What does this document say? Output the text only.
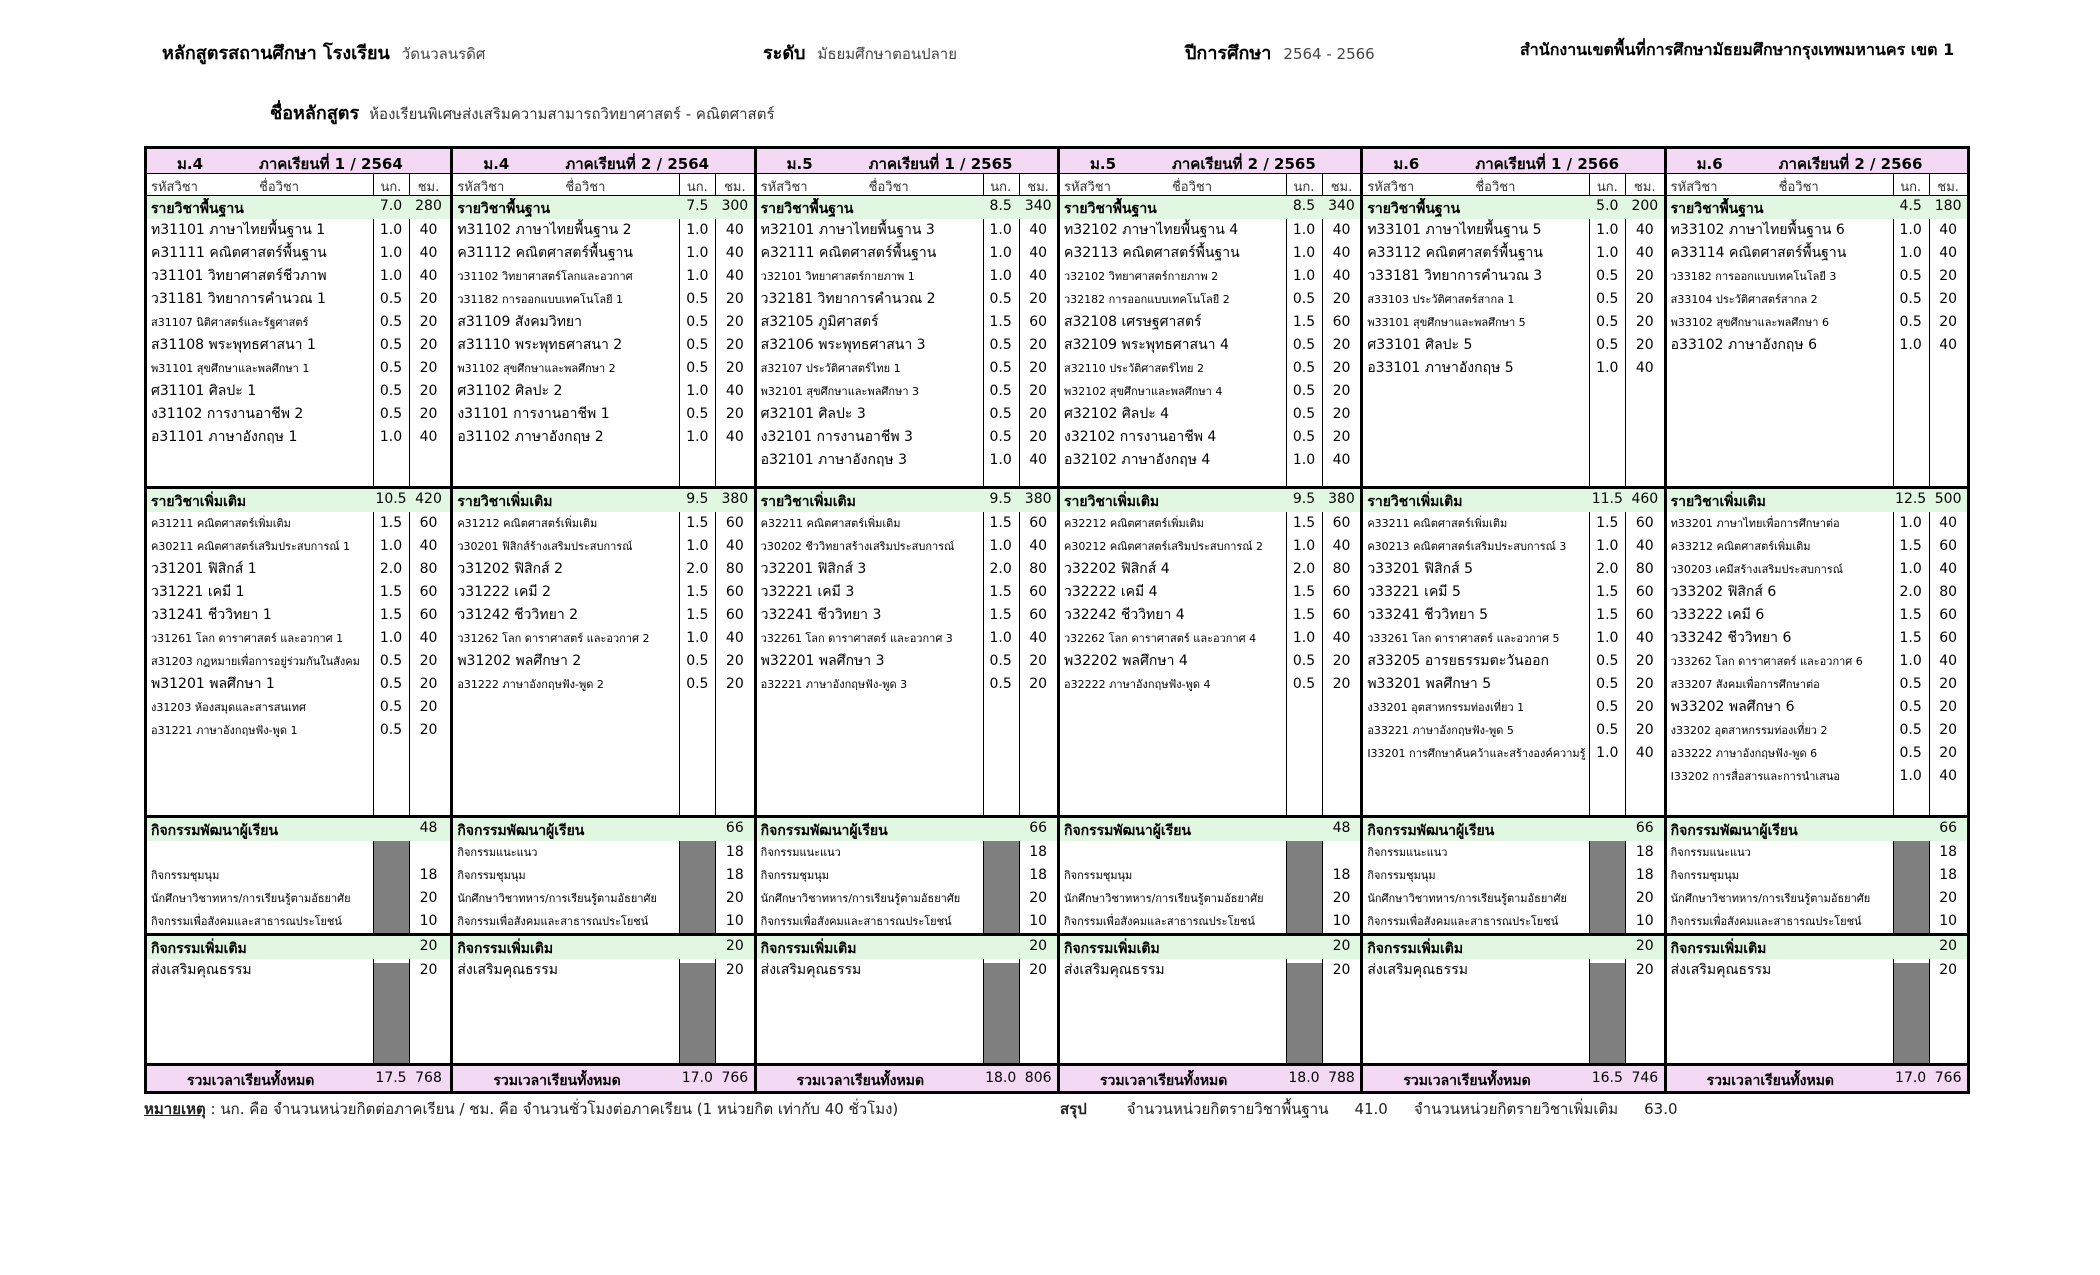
หลักสูตรสถานศึกษา โรงเรียน วัดนวลนรดิศ	ระดับ มัธยมศึกษาตอนปลาย	ปีการศึกษา 2564 - 2566	สำนักงานเขตพื้นที่การศึกษามัธยมศึกษากรุงเทพมหานคร เขต 1
ชื่อหลักสูตร ห้องเรียนพิเศษส่งเสริมความสามารถวิทยาศาสตร์ - คณิตศาสตร์
ม.4	ภาคเรียนที่ 1 / 2564
รหัสวิชา	ชื่อวิชา	นก.	ชม.
รายวิชาพื้นฐาน	7.0 280
ท31101 ภาษาไทยพื้นฐาน 1	1.0	40
ค31111 คณิตศาสตร์พื้นฐาน	1.0	40
ว31101 วิทยาศาสตร์ชีวภาพ	1.0	40
ว31181 วิทยาการคำนวณ 1	0.5	20
ส31107 นิติศาสตร์และรัฐศาสตร์	0.5	20
ส31108 พระพุทธศาสนา 1	0.5	20
พ31101 สุขศึกษาและพลศึกษา 1	0.5	20
ศ31101 ศิลปะ 1	0.5	20
ง31102 การงานอาชีพ 2	0.5	20
อ31101 ภาษาอังกฤษ 1	1.0	40
รายวิชาเพิ่มเติม	10.5 420
ค31211 คณิตศาสตร์เพิ่มเติม	1.5	60
ค30211 คณิตศาสตร์เสริมประสบการณ์ 1	1.0	40
ว31201 ฟิสิกส์ 1	2.0	80
ว31221 เคมี 1	1.5	60
ว31241 ชีววิทยา 1	1.5	60
ว31261 โลก ดาราศาสตร์ และอวกาศ 1	1.0	40
ส31203 กฎหมายเพื่อการอยู่ร่วมกันในสังคม	0.5	20
พ31201 พลศึกษา 1	0.5	20
ง31203 ห้องสมุดและสารสนเทศ	0.5	20
อ31221 ภาษาอังกฤษฟัง-พูด 1	0.5	20
กิจกรรมพัฒนาผู้เรียน	48
กิจกรรมชุมนุม	18
นักศึกษาวิชาทหาร/การเรียนรู้ตามอัธยาศัย	20
กิจกรรมเพื่อสังคมและสาธารณประโยชน์	10
กิจกรรมเพิ่มเติม	20
ส่งเสริมคุณธรรม	20
รวมเวลาเรียนทั้งหมด	17.5 768
ม.4	ภาคเรียนที่ 2 / 2564
รหัสวิชา	ชื่อวิชา	นก.	ชม.
รายวิชาพื้นฐาน	7.5 300
ท31102 ภาษาไทยพื้นฐาน 2	1.0	40
ค31112 คณิตศาสตร์พื้นฐาน	1.0	40
ว31102 วิทยาศาสตร์โลกและอวกาศ	1.0	40
ว31182 การออกแบบเทคโนโลยี 1	0.5	20
ส31109 สังคมวิทยา	0.5	20
ส31110 พระพุทธศาสนา 2	0.5	20
พ31102 สุขศึกษาและพลศึกษา 2	0.5	20
ศ31102 ศิลปะ 2	1.0	40
ง31101 การงานอาชีพ 1	0.5	20
อ31102 ภาษาอังกฤษ 2	1.0	40
รายวิชาเพิ่มเติม	9.5 380
ค31212 คณิตศาสตร์เพิ่มเติม	1.5	60
ว30201 ฟิสิกส์ร้างเสริมประสบการณ์	1.0	40
ว31202 ฟิสิกส์ 2	2.0	80
ว31222 เคมี 2	1.5	60
ว31242 ชีววิทยา 2	1.5	60
ว31262 โลก ดาราศาสตร์ และอวกาศ 2	1.0	40
พ31202 พลศึกษา 2	0.5	20
อ31222 ภาษาอังกฤษฟัง-พูด 2	0.5	20
กิจกรรมพัฒนาผู้เรียน	66
กิจกรรมแนะแนว	18
กิจกรรมชุมนุม	18
นักศึกษาวิชาทหาร/การเรียนรู้ตามอัธยาศัย	20
กิจกรรมเพื่อสังคมและสาธารณประโยชน์	10
กิจกรรมเพิ่มเติม	20
ส่งเสริมคุณธรรม	20
รวมเวลาเรียนทั้งหมด	17.0 766
ม.5	ภาคเรียนที่ 1 / 2565
รหัสวิชา	ชื่อวิชา	นก.	ชม.
รายวิชาพื้นฐาน	8.5 340
ท32101 ภาษาไทยพื้นฐาน 3	1.0	40
ค32111 คณิตศาสตร์พื้นฐาน	1.0	40
ว32101 วิทยาศาสตร์กายภาพ 1	1.0	40
ว32181 วิทยาการคำนวณ 2	0.5	20
ส32105 ภูมิศาสตร์	1.5	60
ส32106 พระพุทธศาสนา 3	0.5	20
ส32107 ประวัติศาสตร์ไทย 1	0.5	20
พ32101 สุขศึกษาและพลศึกษา 3	0.5	20
ศ32101 ศิลปะ 3	0.5	20
ง32101 การงานอาชีพ 3	0.5	20
อ32101 ภาษาอังกฤษ 3	1.0	40
รายวิชาเพิ่มเติม	9.5 380
ค32211 คณิตศาสตร์เพิ่มเติม	1.5	60
ว30202 ชีววิทยาสร้างเสริมประสบการณ์	1.0	40
ว32201 ฟิสิกส์ 3	2.0	80
ว32221 เคมี 3	1.5	60
ว32241 ชีววิทยา 3	1.5	60
ว32261 โลก ดาราศาสตร์ และอวกาศ 3	1.0	40
พ32201 พลศึกษา 3	0.5	20
อ32221 ภาษาอังกฤษฟัง-พูด 3	0.5	20
กิจกรรมพัฒนาผู้เรียน	66
กิจกรรมแนะแนว	18
กิจกรรมชุมนุม	18
นักศึกษาวิชาทหาร/การเรียนรู้ตามอัธยาศัย	20
กิจกรรมเพื่อสังคมและสาธารณประโยชน์	10
กิจกรรมเพิ่มเติม	20
ส่งเสริมคุณธรรม	20
รวมเวลาเรียนทั้งหมด	18.0 806
ม.5	ภาคเรียนที่ 2 / 2565
รหัสวิชา	ชื่อวิชา	นก.	ชม.
รายวิชาพื้นฐาน	8.5 340
ท32102 ภาษาไทยพื้นฐาน 4	1.0	40
ค32113 คณิตศาสตร์พื้นฐาน	1.0	40
ว32102 วิทยาศาสตร์กายภาพ 2	1.0	40
ว32182 การออกแบบเทคโนโลยี 2	0.5	20
ส32108 เศรษฐศาสตร์	1.5	60
ส32109 พระพุทธศาสนา 4	0.5	20
ส32110 ประวัติศาสตร์ไทย 2	0.5	20
พ32102 สุขศึกษาและพลศึกษา 4	0.5	20
ศ32102 ศิลปะ 4	0.5	20
ง32102 การงานอาชีพ 4	0.5	20
อ32102 ภาษาอังกฤษ 4	1.0	40
รายวิชาเพิ่มเติม	9.5 380
ค32212 คณิตศาสตร์เพิ่มเติม	1.5	60
ค30212 คณิตศาสตร์เสริมประสบการณ์ 2	1.0	40
ว32202 ฟิสิกส์ 4	2.0	80
ว32222 เคมี 4	1.5	60
ว32242 ชีววิทยา 4	1.5	60
ว32262 โลก ดาราศาสตร์ และอวกาศ 4	1.0	40
พ32202 พลศึกษา 4	0.5	20
อ32222 ภาษาอังกฤษฟัง-พูด 4	0.5	20
กิจกรรมพัฒนาผู้เรียน	48
กิจกรรมชุมนุม	18
นักศึกษาวิชาทหาร/การเรียนรู้ตามอัธยาศัย	20
กิจกรรมเพื่อสังคมและสาธารณประโยชน์	10
กิจกรรมเพิ่มเติม	20
ส่งเสริมคุณธรรม	20
รวมเวลาเรียนทั้งหมด	18.0 788
ม.6	ภาคเรียนที่ 1 / 2566
รหัสวิชา	ชื่อวิชา	นก.	ชม.
รายวิชาพื้นฐาน	5.0 200
ท33101 ภาษาไทยพื้นฐาน 5	1.0	40
ค33112 คณิตศาสตร์พื้นฐาน	1.0	40
ว33181 วิทยาการคำนวณ 3	0.5	20
ส33103 ประวัติศาสตร์สากล 1	0.5	20
พ33101 สุขศึกษาและพลศึกษา 5	0.5	20
ศ33101 ศิลปะ 5	0.5	20
อ33101 ภาษาอังกฤษ 5	1.0	40
รายวิชาเพิ่มเติม	11.5 460
ค33211 คณิตศาสตร์เพิ่มเติม	1.5	60
ค30213 คณิตศาสตร์เสริมประสบการณ์ 3	1.0	40
ว33201 ฟิสิกส์ 5	2.0	80
ว33221 เคมี 5	1.5	60
ว33241 ชีววิทยา 5	1.5	60
ว33261 โลก ดาราศาสตร์ และอวกาศ 5	1.0	40
ส33205 อารยธรรมตะวันออก	0.5	20
พ33201 พลศึกษา 5	0.5	20
ง33201 อุตสาหกรรมท่องเที่ยว 1	0.5	20
อ33221 ภาษาอังกฤษฟัง-พูด 5	0.5	20
I33201 การศึกษาค้นคว้าและสร้างองค์ความรู้ 1.0	40
กิจกรรมพัฒนาผู้เรียน	66
กิจกรรมแนะแนว	18
กิจกรรมชุมนุม	18
นักศึกษาวิชาทหาร/การเรียนรู้ตามอัธยาศัย	20
กิจกรรมเพื่อสังคมและสาธารณประโยชน์	10
กิจกรรมเพิ่มเติม	20
ส่งเสริมคุณธรรม	20
รวมเวลาเรียนทั้งหมด	16.5 746
ม.6	ภาคเรียนที่ 2 / 2566
รหัสวิชา	ชื่อวิชา	นก.	ชม.
รายวิชาพื้นฐาน	4.5 180
ท33102 ภาษาไทยพื้นฐาน 6	1.0	40
ค33114 คณิตศาสตร์พื้นฐาน	1.0	40
ว33182 การออกแบบเทคโนโลยี 3	0.5	20
ส33104 ประวัติศาสตร์สากล 2	0.5	20
พ33102 สุขศึกษาและพลศึกษา 6	0.5	20
อ33102 ภาษาอังกฤษ 6	1.0	40
รายวิชาเพิ่มเติม	12.5 500
ท33201 ภาษาไทยเพื่อการศึกษาต่อ	1.0	40
ค33212 คณิตศาสตร์เพิ่มเติม	1.5	60
ว30203 เคมีสร้างเสริมประสบการณ์	1.0	40
ว33202 ฟิสิกส์ 6	2.0	80
ว33222 เคมี 6	1.5	60
ว33242 ชีววิทยา 6	1.5	60
ว33262 โลก ดาราศาสตร์ และอวกาศ 6	1.0	40
ส33207 สังคมเพื่อการศึกษาต่อ	0.5	20
พ33202 พลศึกษา 6	0.5	20
ง33202 อุตสาหกรรมท่องเที่ยว 2	0.5	20
อ33222 ภาษาอังกฤษฟัง-พูด 6	0.5	20
I33202 การสื่อสารและการนำเสนอ	1.0	40
กิจกรรมพัฒนาผู้เรียน	66
กิจกรรมแนะแนว	18
กิจกรรมชุมนุม	18
นักศึกษาวิชาทหาร/การเรียนรู้ตามอัธยาศัย	20
กิจกรรมเพื่อสังคมและสาธารณประโยชน์	10
กิจกรรมเพิ่มเติม	20
ส่งเสริมคุณธรรม	20
รวมเวลาเรียนทั้งหมด	17.0 766
หมายเหตุ : นก. คือ จำนวนหน่วยกิตต่อภาคเรียน / ชม. คือ จำนวนชั่วโมงต่อภาคเรียน (1 หน่วยกิต เท่ากับ 40 ชั่วโมง)	สรุป	จำนวนหน่วยกิตรายวิชาพื้นฐาน 41.0 จำนวนหน่วยกิตรายวิชาเพิ่มเติม 63.0
